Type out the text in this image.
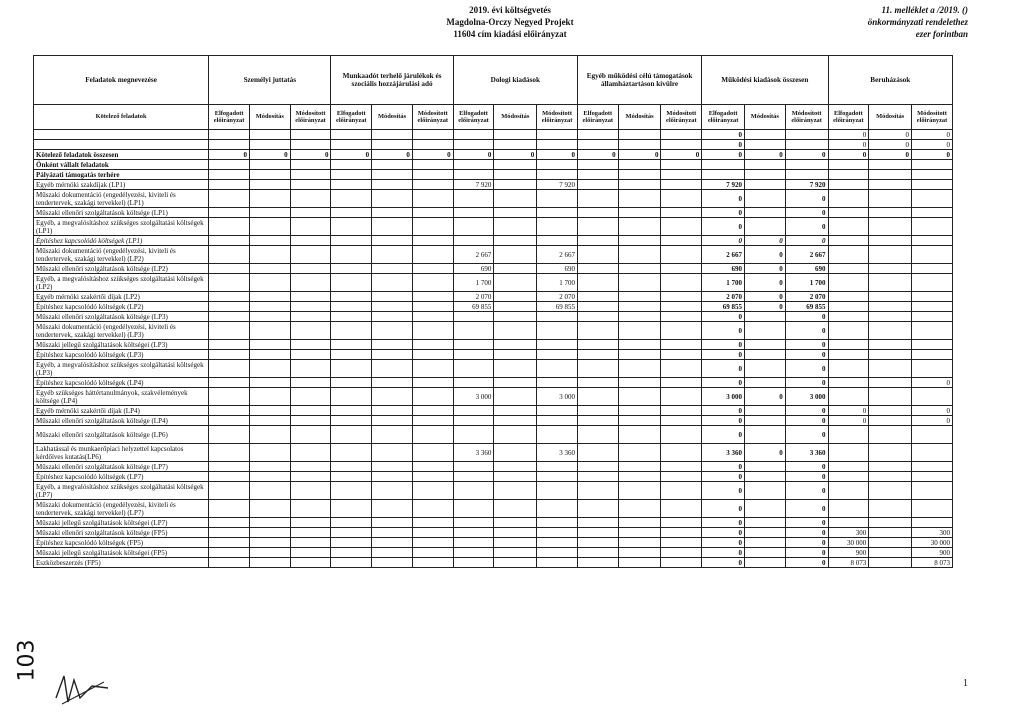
2019. évi költségvetés
Magdolna-Orczy Negyed Projekt
11604 cím kiadási előirányzat
11. melléklet a /2019. ()
önkormányzati rendelethez
ezer forintban
Feladatok megnevezése	Személyi juttatás			Munkaadót terhelő járulékok és szociális hozzájárulási adó			Dologi kiadások			Egyéb működési célú támogatások államháztartáson kívülre			Működési kiadások összesen			Beruházások		
Kötelező feladatok	Elfogadott előirányzat	Módosítás	Módosított előirányzat	Elfogadott előirányzat	Módosítás	Módosított előirányzat	Elfogadott előirányzat	Módosítás	Módosított előirányzat	Elfogadott előirányzat	Módosítás	Módosított előirányzat	Elfogadott előirányzat	Módosítás	Módosított előirányzat	Elfogadott előirányzat	Módosítás	Módosított előirányzat
													0			0	0	0
													0			0	0	0
Kötelező feladatok összesen	0	0	0	0	0	0	0	0	0	0	0	0	0	0	0	0	0	0
Önként vállalt feladatok																		
Pályázati támogatás terhére																		
Egyéb mérnöki szakdíjak (LP1)							7 920		7 920				7 920		7 920			
Műszaki dokumentáció (engedélyezési, kiviteli és tendertervek, szakági tervekkel) (LP1)													0		0			
Műszaki ellenőri szolgáltatások költsége (LP1)													0		0			
Egyéb, a megvalósításhoz szükséges szolgáltatási költségek (LP1)													0		0			
Építéshez kapcsolódó költségek (LP1)													0	0	0			
Műszaki dokumentáció (engedélyezési, kiviteli és tendertervek, szakági tervekkel) (LP2)							2 667		2 667				2 667	0	2 667			
Műszaki ellenőri szolgáltatások költsége (LP2)							690		690				690	0	690			
Egyéb, a megvalósításhoz szükséges szolgáltatási költségek (LP2)							1 700		1 700				1 700	0	1 700			
Egyéb mérnöki szakértői díjak (LP2)							2 070		2 070				2 070	0	2 070			
Építéshez kapcsolódó költségek (LP2)							69 855		69 855				69 855	0	69 855			
Műszaki ellenőri szolgáltatások költsége (LP3)													0		0			
Műszaki dokumentáció (engedélyezési, kiviteli és tendertervek, szakági tervekkel) (LP3)													0		0			
Műszaki jellegű szolgáltatások költségei (LP3)													0		0			
Építéshez kapcsolódó költségek (LP3)													0		0			
Egyéb, a megvalósításhoz szükséges szolgáltatási költségek (LP3)													0		0			
Építéshez kapcsolódó költségek (LP4)													0		0			0
Egyéb szükséges háttértanulmányok, szakvélemények költsége (LP4)							3 000		3 000				3 000	0	3 000			
Egyéb mérnöki szakértői díjak (LP4)													0		0	0		0
Műszaki ellenőri szolgáltatások költsége (LP4)													0		0	0		0
Műszaki ellenőri szolgáltatások költsége (LP6)													0		0			
Lakhatással és munkaerőpiaci helyzettel kapcsolatos kérdőíves kutatás(LP6)							3 360		3 360				3 360	0	3 360			
Műszaki ellenőri szolgáltatások költsége (LP7)													0		0			
Építéshez kapcsolódó költségek (LP7)													0		0			
Egyéb, a megvalósításhoz szükséges szolgáltatási költségek (LP7)													0		0			
Műszaki dokumentáció (engedélyezési, kiviteli és tendertervek, szakági tervekkel) (LP7)													0		0			
Műszaki jellegű szolgáltatások költségei (LP7)													0		0			
Műszaki ellenőri szolgáltatások költsége (FP5)													0		0	300		300
Építéshez kapcsolódó költségek (FP5)													0		0	30 000		30 000
Műszaki jellegű szolgáltatások költségei (FP5)													0		0	900		900
Eszközbeszerzés (FP5)													0		0	8 073		8 073
1
103
